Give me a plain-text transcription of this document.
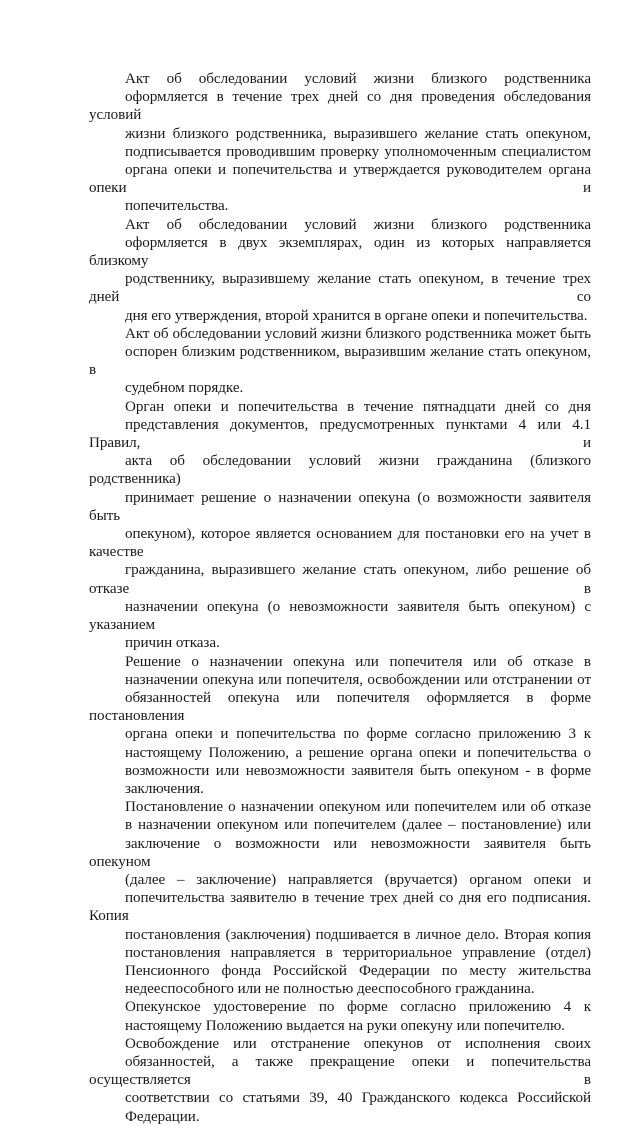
Акт об обследовании условий жизни близкого родственника
оформляется в течение трех дней со дня проведения обследования условий
жизни близкого родственника, выразившего желание стать опекуном,
подписывается проводившим проверку уполномоченным специалистом
органа опеки и попечительства и утверждается руководителем органа опеки и
попечительства.
Акт об обследовании условий жизни близкого родственника
оформляется в двух экземплярах, один из которых направляется близкому
родственнику, выразившему желание стать опекуном, в течение трех дней со
дня его утверждения, второй хранится в органе опеки и попечительства.
Акт об обследовании условий жизни близкого родственника может быть
оспорен близким родственником, выразившим желание стать опекуном, в
судебном порядке.
Орган опеки и попечительства в течение пятнадцати дней со дня
представления документов, предусмотренных пунктами 4 или 4.1 Правил, и
акта об обследовании условий жизни гражданина (близкого родственника)
принимает решение о назначении опекуна (о возможности заявителя быть
опекуном), которое является основанием для постановки его на учет в качестве
гражданина, выразившего желание стать опекуном, либо решение об отказе в
назначении опекуна (о невозможности заявителя быть опекуном) с указанием
причин отказа.
Решение о назначении опекуна или попечителя или об отказе в
назначении опекуна или попечителя, освобождении или отстранении от
обязанностей опекуна или попечителя оформляется в форме постановления
органа опеки и попечительства по форме согласно приложению 3 к
настоящему Положению, а решение органа опеки и попечительства о
возможности или невозможности заявителя быть опекуном - в форме
заключения.
Постановление о назначении опекуном или попечителем или об отказе
в назначении опекуном или попечителем (далее – постановление) или
заключение о возможности или невозможности заявителя быть опекуном
(далее – заключение) направляется (вручается) органом опеки и
попечительства заявителю в течение трех дней со дня его подписания. Копия
постановления (заключения) подшивается в личное дело. Вторая копия
постановления направляется в территориальное управление (отдел)
Пенсионного фонда Российской Федерации по месту жительства
недееспособного или не полностью дееспособного гражданина.
Опекунское удостоверение по форме согласно приложению 4 к
настоящему Положению выдается на руки опекуну или попечителю.
Освобождение или отстранение опекунов от исполнения своих
обязанностей, а также прекращение опеки и попечительства осуществляется в
соответствии со статьями 39, 40 Гражданского кодекса Российской
Федерации.
